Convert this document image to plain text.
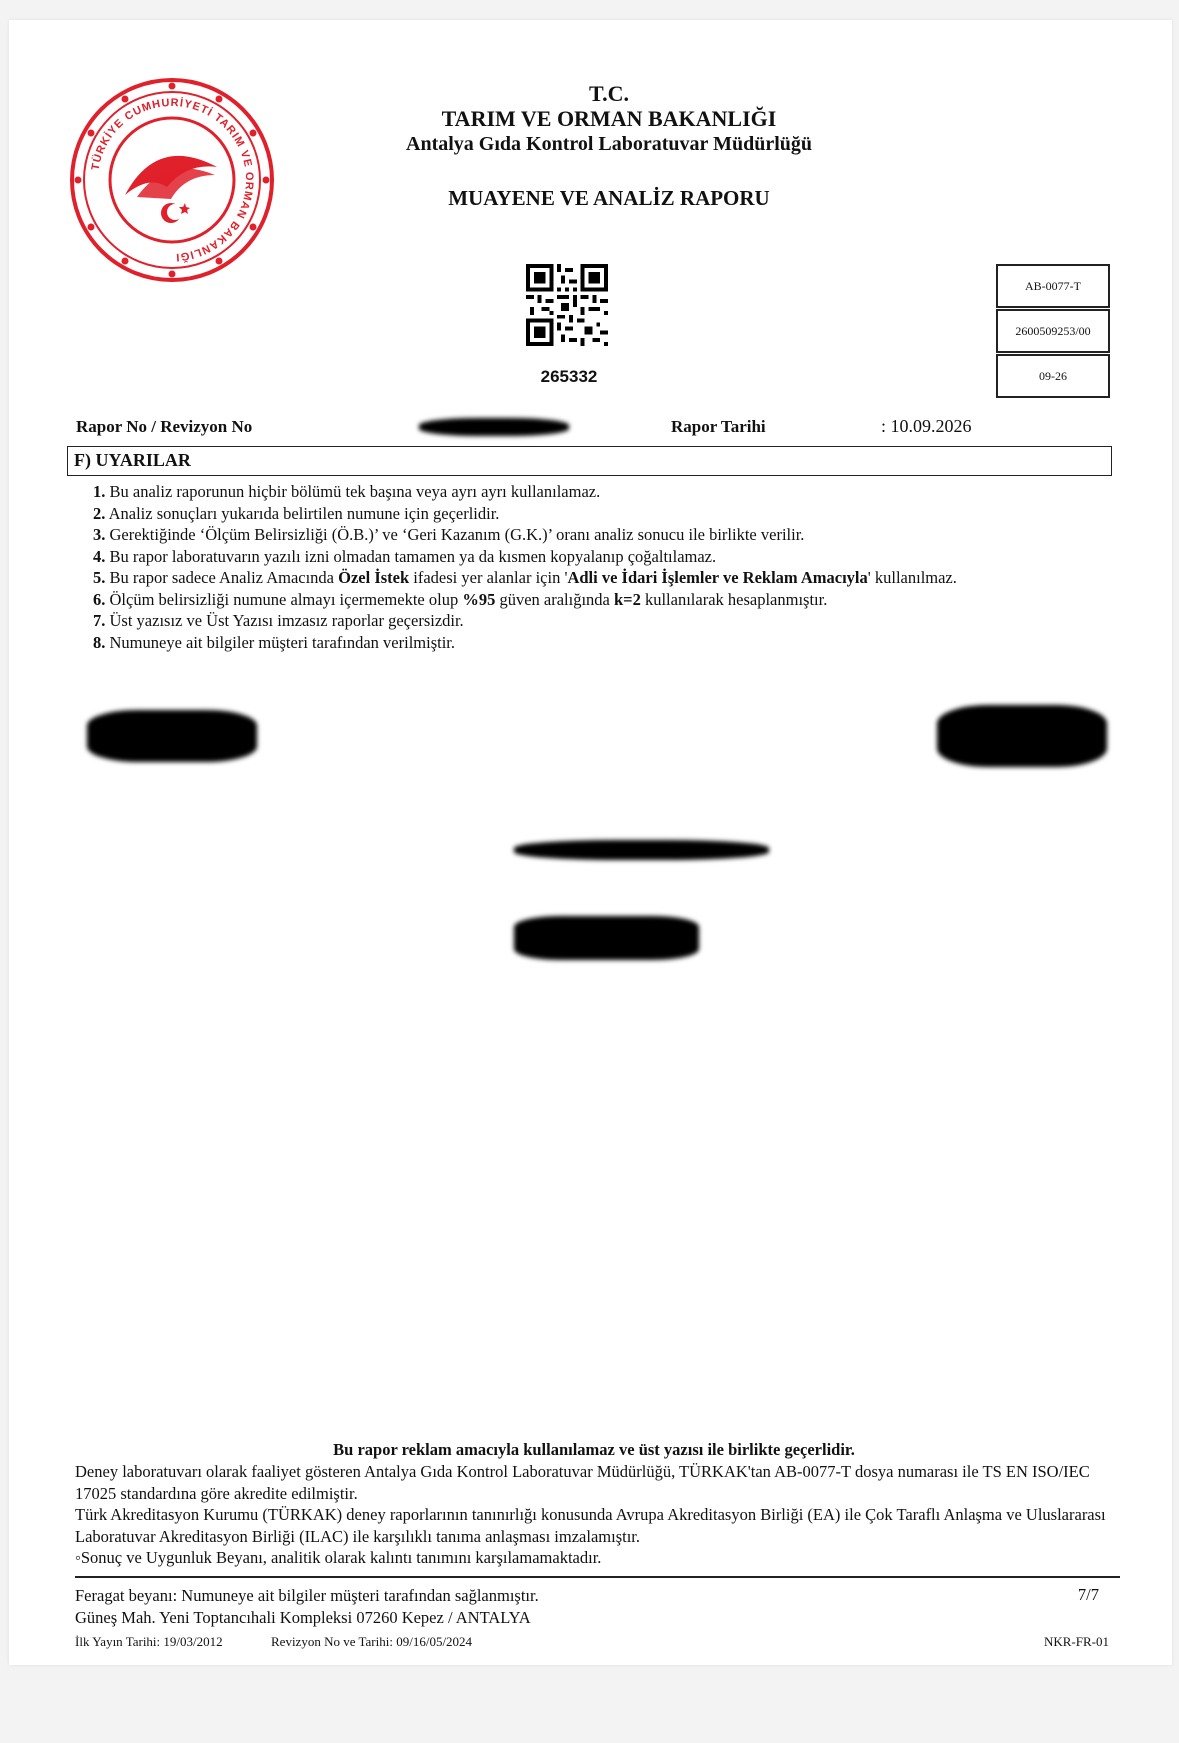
TÜRKİYE CUMHURİYETİ TARIM VE ORMAN BAKANLIĞI
T.C.
TARIM VE ORMAN BAKANLIĞI
Antalya Gıda Kontrol Laboratuvar Müdürlüğü
MUAYENE VE ANALİZ RAPORU
265332
AB-0077-T
2600509253/00
09-26
Rapor No / Revizyon No	Rapor Tarihi	: 10.09.2026
F) UYARILAR
1. Bu analiz raporunun hiçbir bölümü tek başına veya ayrı ayrı kullanılamaz.
2. Analiz sonuçları yukarıda belirtilen numune için geçerlidir.
3. Gerektiğinde ‘Ölçüm Belirsizliği (Ö.B.)’ ve ‘Geri Kazanım (G.K.)’ oranı analiz sonucu ile birlikte verilir.
4. Bu rapor laboratuvarın yazılı izni olmadan tamamen ya da kısmen kopyalanıp çoğaltılamaz.
5. Bu rapor sadece Analiz Amacında Özel İstek ifadesi yer alanlar için 'Adli ve İdari İşlemler ve Reklam Amacıyla' kullanılmaz.
6. Ölçüm belirsizliği numune almayı içermemekte olup %95 güven aralığında k=2 kullanılarak hesaplanmıştır.
7. Üst yazısız ve Üst Yazısı imzasız raporlar geçersizdir.
8. Numuneye ait bilgiler müşteri tarafından verilmiştir.
Bu rapor reklam amacıyla kullanılamaz ve üst yazısı ile birlikte geçerlidir.
Deney laboratuvarı olarak faaliyet gösteren Antalya Gıda Kontrol Laboratuvar Müdürlüğü, TÜRKAK'tan AB-0077-T dosya numarası ile TS EN ISO/IEC 17025 standardına göre akredite edilmiştir.
Türk Akreditasyon Kurumu (TÜRKAK) deney raporlarının tanınırlığı konusunda Avrupa Akreditasyon Birliği (EA) ile Çok Taraflı Anlaşma ve Uluslararası Laboratuvar Akreditasyon Birliği (ILAC) ile karşılıklı tanıma anlaşması imzalamıştır.
◦Sonuç ve Uygunluk Beyanı, analitik olarak kalıntı tanımını karşılamamaktadır.
Feragat beyanı: Numuneye ait bilgiler müşteri tarafından sağlanmıştır.
Güneş Mah. Yeni Toptancıhali Kompleksi 07260 Kepez / ANTALYA
7/7
İlk Yayın Tarihi: 19/03/2012	Revizyon No ve Tarihi: 09/16/05/2024	NKR-FR-01
